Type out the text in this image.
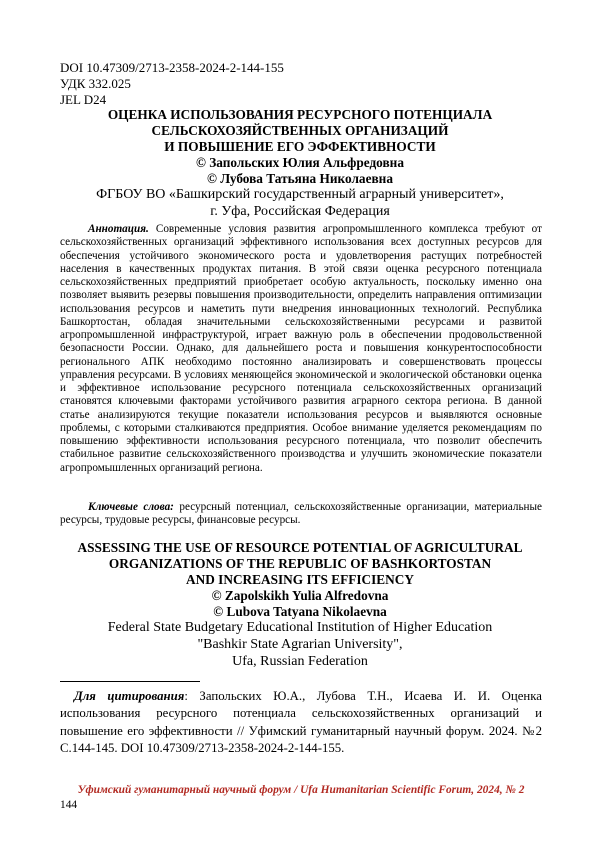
DOI 10.47309/2713-2358-2024-2-144-155
УДК 332.025
JEL D24
ОЦЕНКА ИСПОЛЬЗОВАНИЯ РЕСУРСНОГО ПОТЕНЦИАЛА
СЕЛЬСКОХОЗЯЙСТВЕННЫХ ОРГАНИЗАЦИЙ
И ПОВЫШЕНИЕ ЕГО ЭФФЕКТИВНОСТИ
© Запольских Юлия Альфредовна
© Лубова Татьяна Николаевна
ФГБОУ ВО «Башкирский государственный аграрный университет»,
г. Уфа, Российская Федерация
Аннотация. Современные условия развития агропромышленного комплекса требуют от сельскохозяйственных организаций эффективного использования всех доступных ресурсов для обеспечения устойчивого экономического роста и удовлетворения растущих потребностей населения в качественных продуктах питания. В этой связи оценка ресурсного потенциала сельскохозяйственных предприятий приобретает особую актуальность, поскольку именно она позволяет выявить резервы повышения производительности, определить направления оптимизации использования ресурсов и наметить пути внедрения инновационных технологий. Республика Башкортостан, обладая значительными сельскохозяйственными ресурсами и развитой агропромышленной инфраструктурой, играет важную роль в обеспечении продовольственной безопасности России. Однако, для дальнейшего роста и повышения конкурентоспособности регионального АПК необходимо постоянно анализировать и совершенствовать процессы управления ресурсами. В условиях меняющейся экономической и экологической обстановки оценка и эффективное использование ресурсного потенциала сельскохозяйственных организаций становятся ключевыми факторами устойчивого развития аграрного сектора региона. В данной статье анализируются текущие показатели использования ресурсов и выявляются основные проблемы, с которыми сталкиваются предприятия. Особое внимание уделяется рекомендациям по повышению эффективности использования ресурсного потенциала, что позволит обеспечить стабильное развитие сельскохозяйственного производства и улучшить экономические показатели агропромышленных организаций региона.
Ключевые слова: ресурсный потенциал, сельскохозяйственные организации, материальные ресурсы, трудовые ресурсы, финансовые ресурсы.
ASSESSING THE USE OF RESOURCE POTENTIAL OF AGRICULTURAL
ORGANIZATIONS OF THE REPUBLIC OF BASHKORTOSTAN
AND INCREASING ITS EFFICIENCY
© Zapolskikh Yulia Alfredovna
© Lubova Tatyana Nikolaevna
Federal State Budgetary Educational Institution of Higher Education
"Bashkir State Agrarian University",
Ufa, Russian Federation
Для цитирования: Запольских Ю.А., Лубова Т.Н., Исаева И. И. Оценка использования ресурсного потенциала сельскохозяйственных организаций и повышение его эффективности // Уфимский гуманитарный научный форум. 2024. №2 С.144-145. DOI 10.47309/2713-2358-2024-2-144-155.
Уфимский гуманитарный научный форум / Ufa Humanitarian Scientific Forum, 2024, № 2
144
